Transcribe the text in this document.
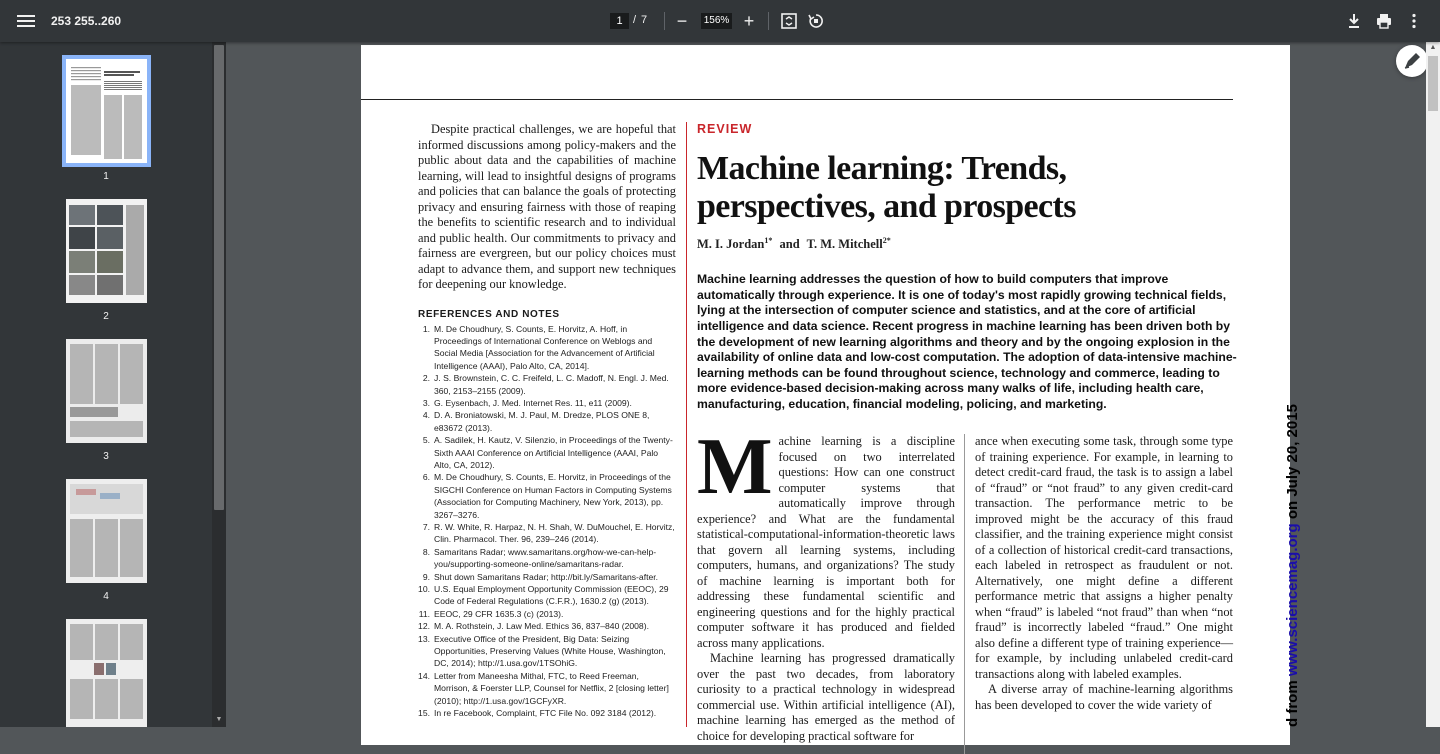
253 255..260	1 / 7	−	156% +
1
2
3
4
▼

Despite practical challenges, we are hopeful that informed discussions among policy-makers and the public about data and the capabilities of machine learning, will lead to insightful designs of programs and policies that can balance the goals of protecting privacy and ensuring fairness with those of reaping the benefits to scientific research and to individual and public health. Our commitments to privacy and fairness are evergreen, but our policy choices must adapt to advance them, and support new techniques for deepening our knowledge.

REFERENCES AND NOTES
1. M. De Choudhury, S. Counts, E. Horvitz, A. Hoff, in Proceedings of International Conference on Weblogs and Social Media [Association for the Advancement of Artificial Intelligence (AAAI), Palo Alto, CA, 2014].
2. J. S. Brownstein, C. C. Freifeld, L. C. Madoff, N. Engl. J. Med. 360, 2153–2155 (2009).
3. G. Eysenbach, J. Med. Internet Res. 11, e11 (2009).
4. D. A. Broniatowski, M. J. Paul, M. Dredze, PLOS ONE 8, e83672 (2013).
5. A. Sadilek, H. Kautz, V. Silenzio, in Proceedings of the Twenty-Sixth AAAI Conference on Artificial Intelligence (AAAI, Palo Alto, CA, 2012).
6. M. De Choudhury, S. Counts, E. Horvitz, in Proceedings of the SIGCHI Conference on Human Factors in Computing Systems (Association for Computing Machinery, New York, 2013), pp. 3267–3276.
7. R. W. White, R. Harpaz, N. H. Shah, W. DuMouchel, E. Horvitz, Clin. Pharmacol. Ther. 96, 239–246 (2014).
8. Samaritans Radar; www.samaritans.org/how-we-can-help-you/supporting-someone-online/samaritans-radar.
9. Shut down Samaritans Radar; http://bit.ly/Samaritans-after.
10. U.S. Equal Employment Opportunity Commission (EEOC), 29 Code of Federal Regulations (C.F.R.), 1630.2 (g) (2013).
11. EEOC, 29 CFR 1635.3 (c) (2013).
12. M. A. Rothstein, J. Law Med. Ethics 36, 837–840 (2008).
13. Executive Office of the President, Big Data: Seizing Opportunities, Preserving Values (White House, Washington, DC, 2014); http://1.usa.gov/1TSOhiG.
14. Letter from Maneesha Mithal, FTC, to Reed Freeman, Morrison, & Foerster LLP, Counsel for Netflix, 2 [closing letter] (2010); http://1.usa.gov/1GCFyXR.
15. In re Facebook, Complaint, FTC File No. 092 3184 (2012).
REVIEW
Machine learning: Trends, perspectives, and prospects
M. I. Jordan$^{1*}$ and T. M. Mitchell$^{2*}$

Machine learning addresses the question of how to build computers that improve automatically through experience. It is one of today's most rapidly growing technical fields, lying at the intersection of computer science and statistics, and at the core of artificial intelligence and data science. Recent progress in machine learning has been driven both by the development of new learning algorithms and theory and by the ongoing explosion in the availability of online data and low-cost computation. The adoption of data-intensive machine-learning methods can be found throughout science, technology and commerce, leading to more evidence-based decision-making across many walks of life, including health care, manufacturing, education, financial modeling, policing, and marketing.

M achine learning is a discipline focused on two interrelated questions: How can one construct computer systems that automatically improve through experience? and What are the fundamental statistical-computational-information-theoretic laws that govern all learning systems, including computers, humans, and organizations? The study of machine learning is important both for addressing these fundamental scientific and engineering questions and for the highly practical computer software it has produced and fielded across many applications.

Machine learning has progressed dramatically over the past two decades, from laboratory curiosity to a practical technology in widespread commercial use. Within artificial intelligence (AI), machine learning has emerged as the method of choice for developing practical software for

ance when executing some task, through some type of training experience. For example, in learning to detect credit-card fraud, the task is to assign a label of “fraud” or “not fraud” to any given credit-card transaction. The performance metric to be improved might be the accuracy of this fraud classifier, and the training experience might consist of a collection of historical credit-card transactions, each labeled in retrospect as fraudulent or not. Alternatively, one might define a different performance metric that assigns a higher penalty when “fraud” is labeled “not fraud” than when “not fraud” is incorrectly labeled “fraud.” One might also define a different type of training experience—for example, by including unlabeled credit-card transactions along with labeled examples.

A diverse array of machine-learning algorithms has been developed to cover the wide variety of	d from www.sciencemag.org on July 20, 2015
▲
